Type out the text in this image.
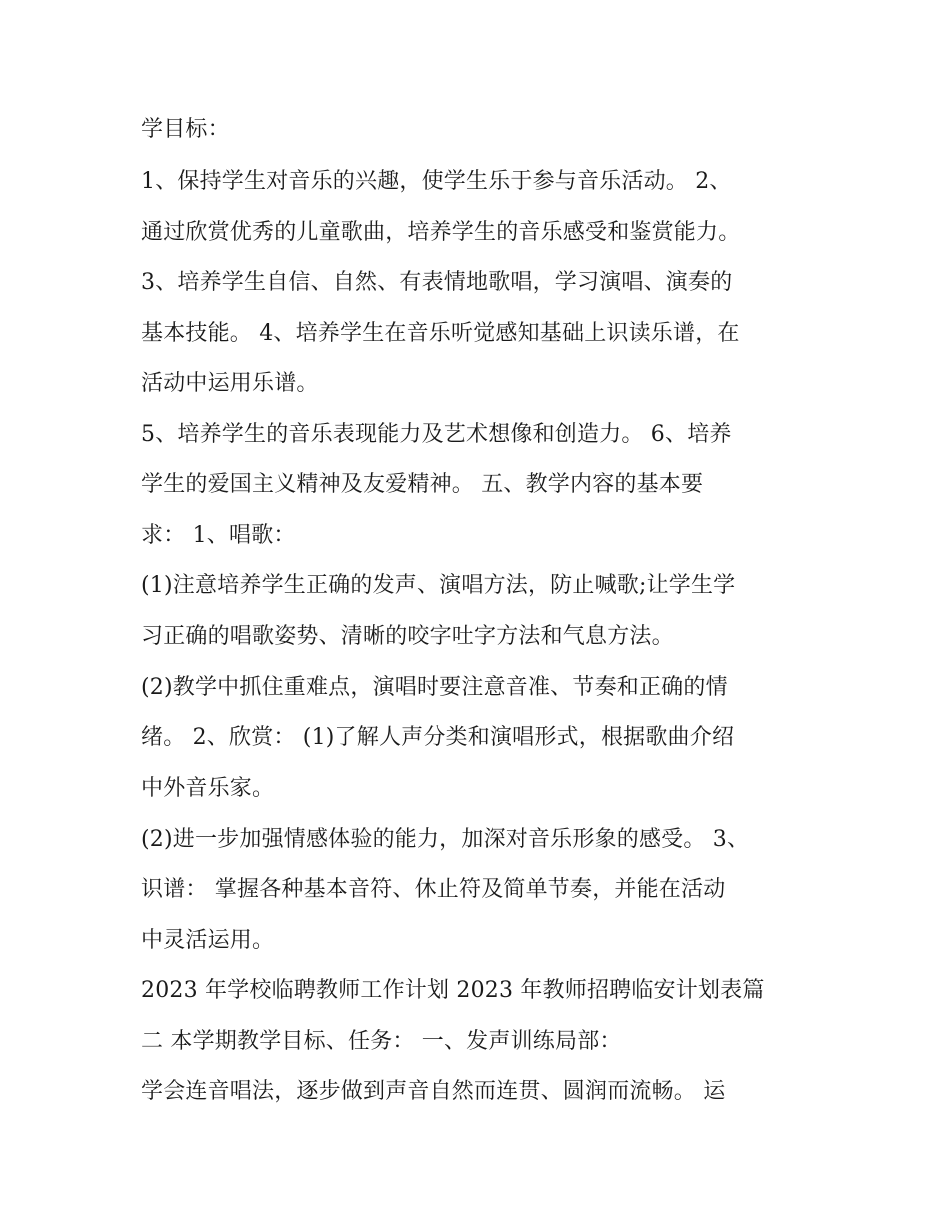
学目标：

1、保持学生对音乐的兴趣，使学生乐于参与音乐活动。 2、

通过欣赏优秀的儿童歌曲，培养学生的音乐感受和鉴赏能力。

3、培养学生自信、自然、有表情地歌唱，学习演唱、演奏的

基本技能。 4、培养学生在音乐听觉感知基础上识读乐谱，在

活动中运用乐谱。

5、培养学生的音乐表现能力及艺术想像和创造力。 6、培养

学生的爱国主义精神及友爱精神。 五、教学内容的基本要

求： 1、唱歌：

(1)注意培养学生正确的发声、演唱方法，防止喊歌;让学生学

习正确的唱歌姿势、清晰的咬字吐字方法和气息方法。

(2)教学中抓住重难点，演唱时要注意音准、节奏和正确的情

绪。 2、欣赏： (1)了解人声分类和演唱形式，根据歌曲介绍

中外音乐家。

(2)进一步加强情感体验的能力，加深对音乐形象的感受。 3、

识谱： 掌握各种基本音符、休止符及简单节奏，并能在活动

中灵活运用。

2023 年学校临聘教师工作计划 2023 年教师招聘临安计划表篇

二 本学期教学目标、任务： 一、发声训练局部：

学会连音唱法，逐步做到声音自然而连贯、圆润而流畅。 运
